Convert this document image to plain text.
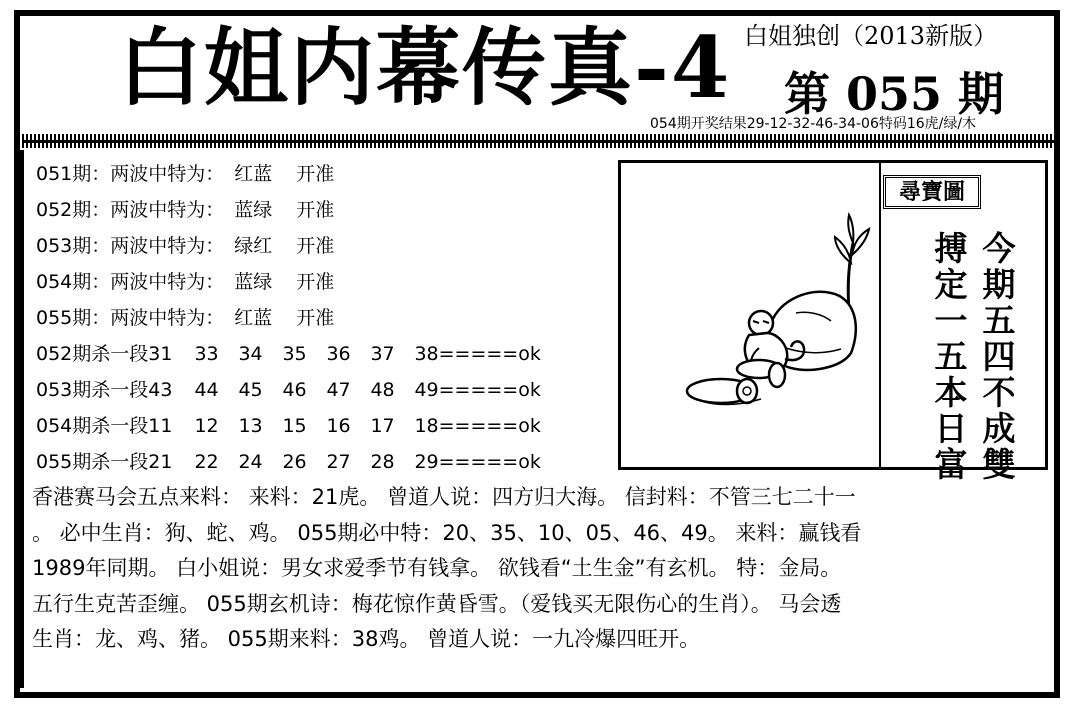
白姐内幕传真-4 白姐独创（2013新版）
第 055 期
054期开奖结果29-12-32-46-34-06特码16虎/绿/木
051期：两波中特为： 红蓝 开准
052期：两波中特为： 蓝绿 开准
053期：两波中特为： 绿红 开准
054期：两波中特为： 蓝绿 开准
055期：两波中特为： 红蓝 开准
052期杀一段31 33 34 35 36 37 38=====ok
053期杀一段43 44 45 46 47 48 49=====ok
054期杀一段11 12 13 15 16 17 18=====ok
055期杀一段21 22 24 26 27 28 29=====ok
尋寶圖
今
期
五
四
不
成
雙
搏
定
一
五
本
日
富
香港赛马会五点来料： 来料：21虎。 曾道人说：四方归大海。 信封料：不管三七二十一
。 必中生肖：狗、蛇、鸡。 055期必中特：20、35、10、05、46、49。 来料：赢钱看
1989年同期。 白小姐说：男女求爱季节有钱拿。 欲钱看“土生金”有玄机。 特：金局。
五行生克苦歪缠。 055期玄机诗：梅花惊作黄昏雪。（爱钱买无限伤心的生肖）。 马会透
生肖：龙、鸡、猪。 055期来料：38鸡。 曾道人说：一九冷爆四旺开。
